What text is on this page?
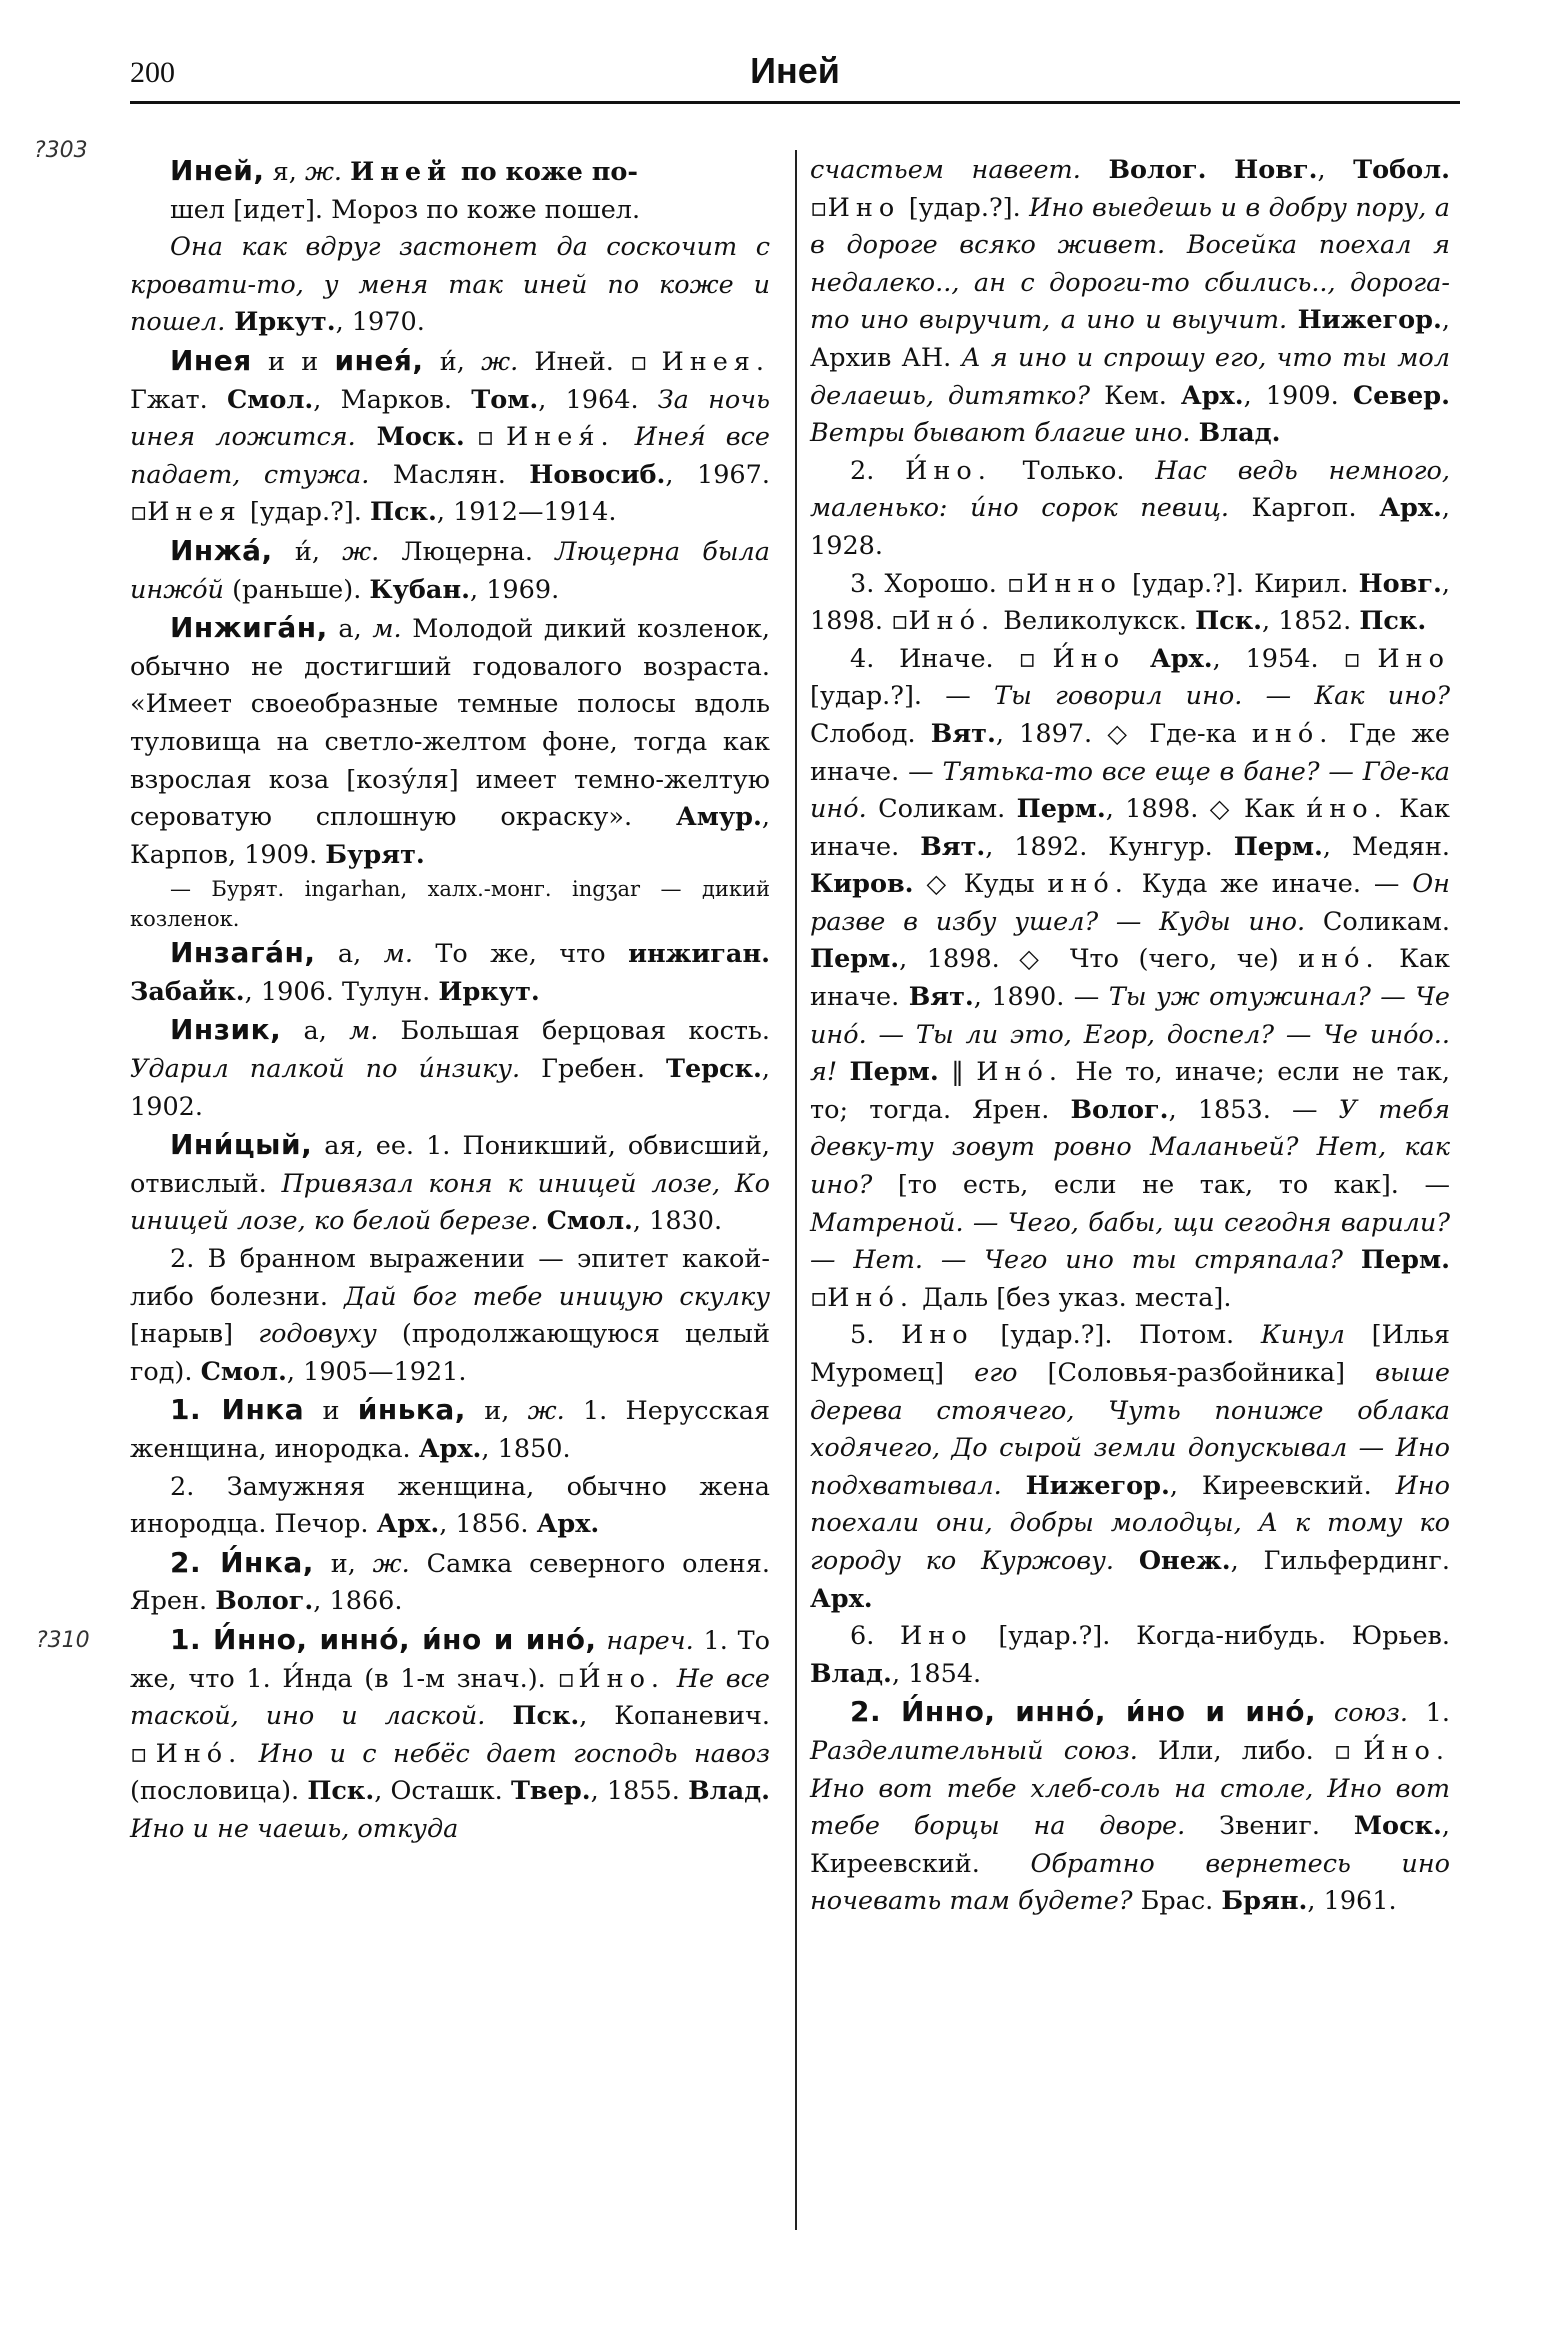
200	Иней
?303
?310

Иней, я, ж. Иней по коже по-

шел [идет]. Мороз по коже пошел.

Она как вдруг застонет да соскочит с кровати-то, у меня так иней по коже и пошел. Иркут., 1970.

Инея и и инея́, и́, ж. Иней. ▫Инея. Гжат. Смол., Марков. Том., 1964. За ночь инея ложится. Моск.▫Инея́. Инея́ все падает, стужа. Маслян. Новосиб., 1967. ▫Инея [удар.?]. Пск., 1912—1914.

Инжа́, и́, ж. Люцерна. Люцерна была инжо́й (раньше). Кубан., 1969.

Инжига́н, а, м. Молодой дикий козленок, обычно не достигший годовалого возраста. «Имеет своеобразные темные полосы вдоль туловища на светло-желтом фоне, тогда как взрослая коза [козу́ля] имеет темно-желтую сероватую сплошную окраску». Амур., Карпов, 1909. Бурят.

— Бурят. ingarhan, халх.-монг. ingʒar — дикий козленок.

Инзага́н, а, м. То же, что инжиган. Забайк., 1906. Тулун. Иркут.

Инзик, а, м. Большая берцовая кость. Ударил палкой по и́нзику. Гребен. Терск., 1902.

Ини́цый, ая, ее. 1. Поникший, обвисший, отвислый. Привязал коня к иницей лозе, Ко иницей лозе, ко белой березе. Смол., 1830.

2. В бранном выражении — эпитет какой-либо болезни. Дай бог тебе иницую скулку [нарыв] годовуху (продолжающуюся целый год). Смол., 1905—1921.

1. Инка и и́нька, и, ж. 1. Нерусская женщина, инородка. Арх., 1850.

2. Замужняя женщина, обычно жена инородца. Печор. Арх., 1856. Арх.

2. И́нка, и, ж. Самка северного оленя. Ярен. Волог., 1866.

1. И́нно, инно́, и́но и ино́, нареч. 1. То же, что 1. И́нда (в 1-м знач.). ▫И́но. Не все таской, ино и лаской. Пск., Копаневич. ▫Ино́. Ино и с небёс дает господь навоз (пословица). Пск., Осташк. Твер., 1855. Влад. Ино и не чаешь, откуда

счастьем навеет. Волог. Новг., Тобол. ▫Ино [удар.?]. Ино выедешь и в добру пору, а в дороге всяко живет. Восейка поехал я недалеко.., ан с дороги-то сбились.., дорога-то ино выручит, а ино и выучит. Нижегор., Архив АН. А я ино и спрошу его, что ты мол делаешь, дитятко? Кем. Арх., 1909. Север. Ветры бывают благие ино. Влад.

2. И́но. Только. Нас ведь немного, маленько: и́но сорок певиц. Каргоп. Арх., 1928.

3. Хорошо. ▫Инно [удар.?]. Кирил. Новг., 1898. ▫Ино́. Великолукск. Пск., 1852. Пск.

4. Иначе. ▫И́но Арх., 1954. ▫Ино [удар.?]. — Ты говорил ино. — Как ино? Слобод. Вят., 1897. ◇ Где-ка ино́. Где же иначе. — Тятька-то все еще в бане? — Где-ка ино́. Соликам. Перм., 1898. ◇ Как и́но. Как иначе. Вят., 1892. Кунгур. Перм., Медян. Киров. ◇ Куды ино́. Куда же иначе. — Он разве в избу ушел? — Куды ино. Соликам. Перм., 1898. ◇ Что (чего, че) ино́. Как иначе. Вят., 1890. — Ты уж отужинал? — Че ино́. — Ты ли это, Егор, доспел? — Че ино́о.. я! Перм. ‖ Ино́. Не то, иначе; если не так, то; тогда. Ярен. Волог., 1853. — У тебя девку-ту зовут ровно Маланьей? Нет, как ино? [то есть, если не так, то как]. — Матреной. — Чего, бабы, щи сегодня варили? — Нет. — Чего ино ты стряпала? Перм. ▫Ино́. Даль [без указ. места].

5. Ино [удар.?]. Потом. Кинул [Илья Муромец] его [Соловья-разбойника] выше дерева стоячего, Чуть пониже облака ходячего, До сырой земли допускывал — Ино подхватывал. Нижегор., Киреевский. Ино поехали они, добры молодцы, А к тому ко городу ко Куржову. Онеж., Гильфердинг. Арх.

6. Ино [удар.?]. Когда-нибудь. Юрьев. Влад., 1854.

2. И́нно, инно́, и́но и ино́, союз. 1. Разделительный союз. Или, либо. ▫И́но. Ино вот тебе хлеб-соль на столе, Ино вот тебе борцы на дворе. Звениг. Моск., Киреевский. Обратно вернетесь ино ночевать там будете? Брас. Брян., 1961.
